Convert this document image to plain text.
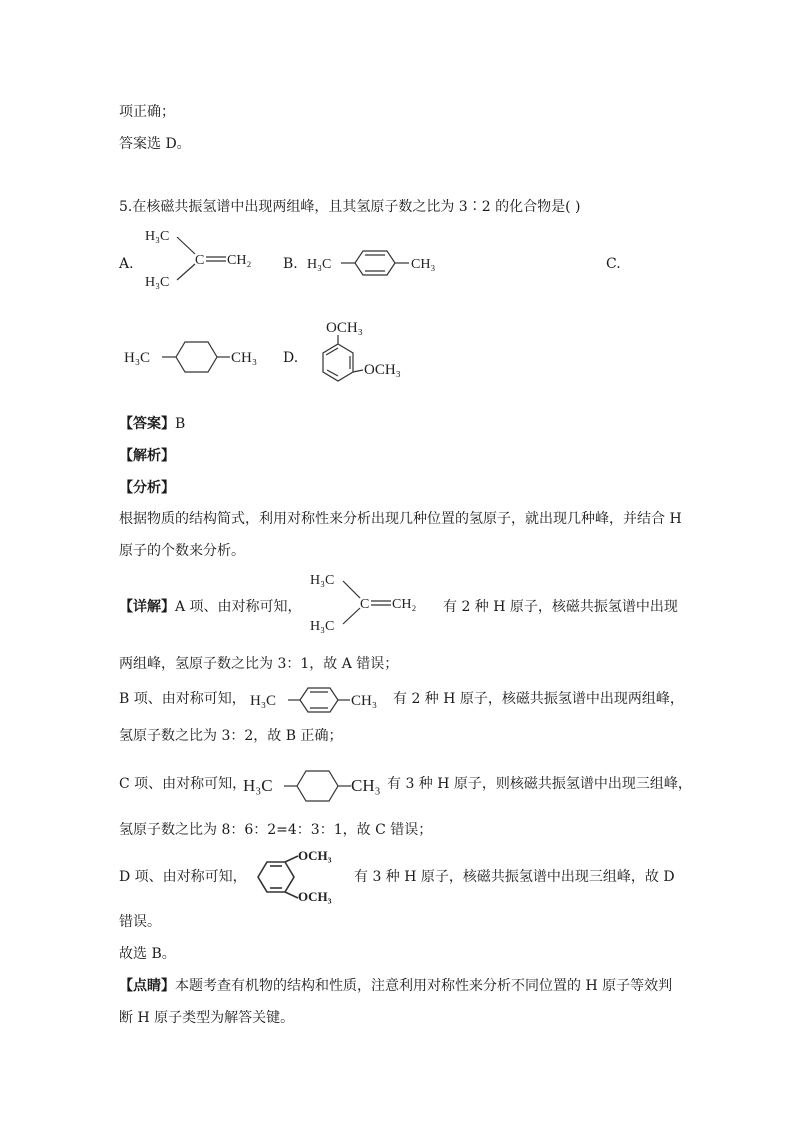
项正确；
答案选 D。
5.在核磁共振氢谱中出现两组峰，且其氢原子数之比为 3∶2 的化合物是( )
A.	B.	C.
D.
H₃C
H₃C
C CH₂	H₃C	CH₃
H₃C	CH₃
OCH₃
OCH₃
【答案】B
【解析】
【分析】
根据物质的结构简式，利用对称性来分析出现几种位置的氢原子，就出现几种峰，并结合 H
原子的个数来分析。
【详解】A 项、由对称可知，
H₃C
H₃C
C CH₂ 有 2 种 H 原子，核磁共振氢谱中出现
两组峰，氢原子数之比为 3：1，故 A 错误；
B 项、由对称可知， H₃C	CH₃ 有 2 种 H 原子，核磁共振氢谱中出现两组峰，
氢原子数之比为 3：2，故 B 正确；
C 项、由对称可知，
H₃C	CH₃ 有 3 种 H 原子，则核磁共振氢谱中出现三组峰，
氢原子数之比为 8：6：2=4：3：1，故 C 错误；
D 项、由对称可知，
OCH₃
OCH₃
有 3 种 H 原子，核磁共振氢谱中出现三组峰，故 D
错误。
故选 B。
【点睛】本题考查有机物的结构和性质，注意利用对称性来分析不同位置的 H 原子等效判
断 H 原子类型为解答关键。
